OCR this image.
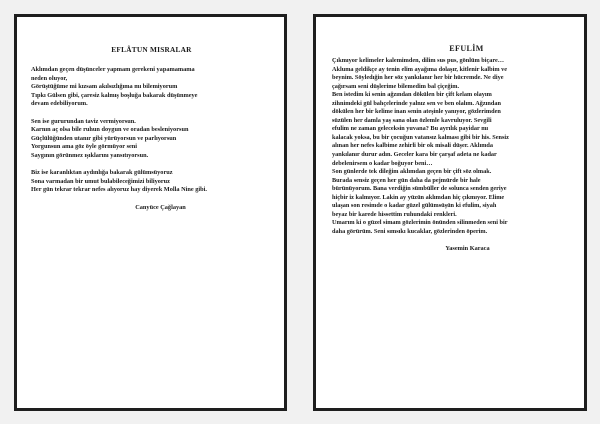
EFLÂTUN MISRALAR

Aklımdan geçen düşünceler yapmam gerekeni yapamamama
neden oluyor,
Görüştüğüme mi kızsam akılsızlığıma mı bilemiyorum
Tıpkı Gülsen gibi, çaresiz kalmış boşluğa bakarak düşünmeye
devam edebiliyorum.
Sen ise gururundan taviz vermiyorsun.
Karnın aç olsa bile ruhun doygun ve oradan besleniyorsun
Güçlülüğünden utanır gibi yürüyorsun ve parlıyorsun
Yorgunsun ama göz öyle görmüyor seni
Saygının görünmez ışıklarını yansıtıyorsun.
Biz ise karanlıktan aydınlığa bakarak gülümsüyoruz
Sona varmadan bir umut bulabileceğimizi biliyoruz
Her gün tekrar tekrar nefes alıyoruz hay diyerek Molla Nine gibi.

Canyüce Çağlayan

EFULİM

Çıkmıyor kelimeler kalemimden, dilim sus pus, gönlüm biçare…
Akluma geldikçe ay tenin elim ayağıma dolaşır, kitlenir kalbim ve
beynim. Söyledığin her söz yankılanır her bir hücremde. Ne diye
çağırsam seni düşlerime bilemedim bal çiçeğim.
Ben istedim ki senin ağzından dökülen bir çift kelam olayım
zihnimdeki gül bahçelerinde yalnız sen ve ben olalım. Ağzından
dökülen her bir kelime inan senin ateşinle yanıyor, gözlerimden
süzülen her damla yaş sana olan özlemle kavruluyor. Sevgili
efulim ne zaman geleceksin yuvana? Bu ayrılık payidar mı
kalacak yoksa, bu bir çocuğun vatansız kalması gibi bir his. Sensiz
alınan her nefes kalbime zehirli bir ok misali düşer. Aklımda
yankılanır durur adın. Geceler kara bir çarşaf adeta ne kadar
debelenirsem o kadar boğuyor beni…
Son günlerde tek dileğim aklımdan geçen bir çift söz olmak.
Burada sensiz geçen her gün daha da pejmürde bir hale
bürünüyorum. Bana verdiğin sümbüller de solunca senden geriye
hiçbir iz kalmıyor. Lakin ay yüzün aklımdan hiç çıkmıyor. Elime
ulaşan son resimde o kadar güzel gülümsüşün ki efulim, siyah
beyaz bir karede hissettim ruhundaki renkleri.
Umarım ki o güzel simam gözlerimin önünden silinmeden seni bir
daha görürüm. Seni sımsıkı kucaklar, gözlerinden öperim.

Yasemin Karaca
